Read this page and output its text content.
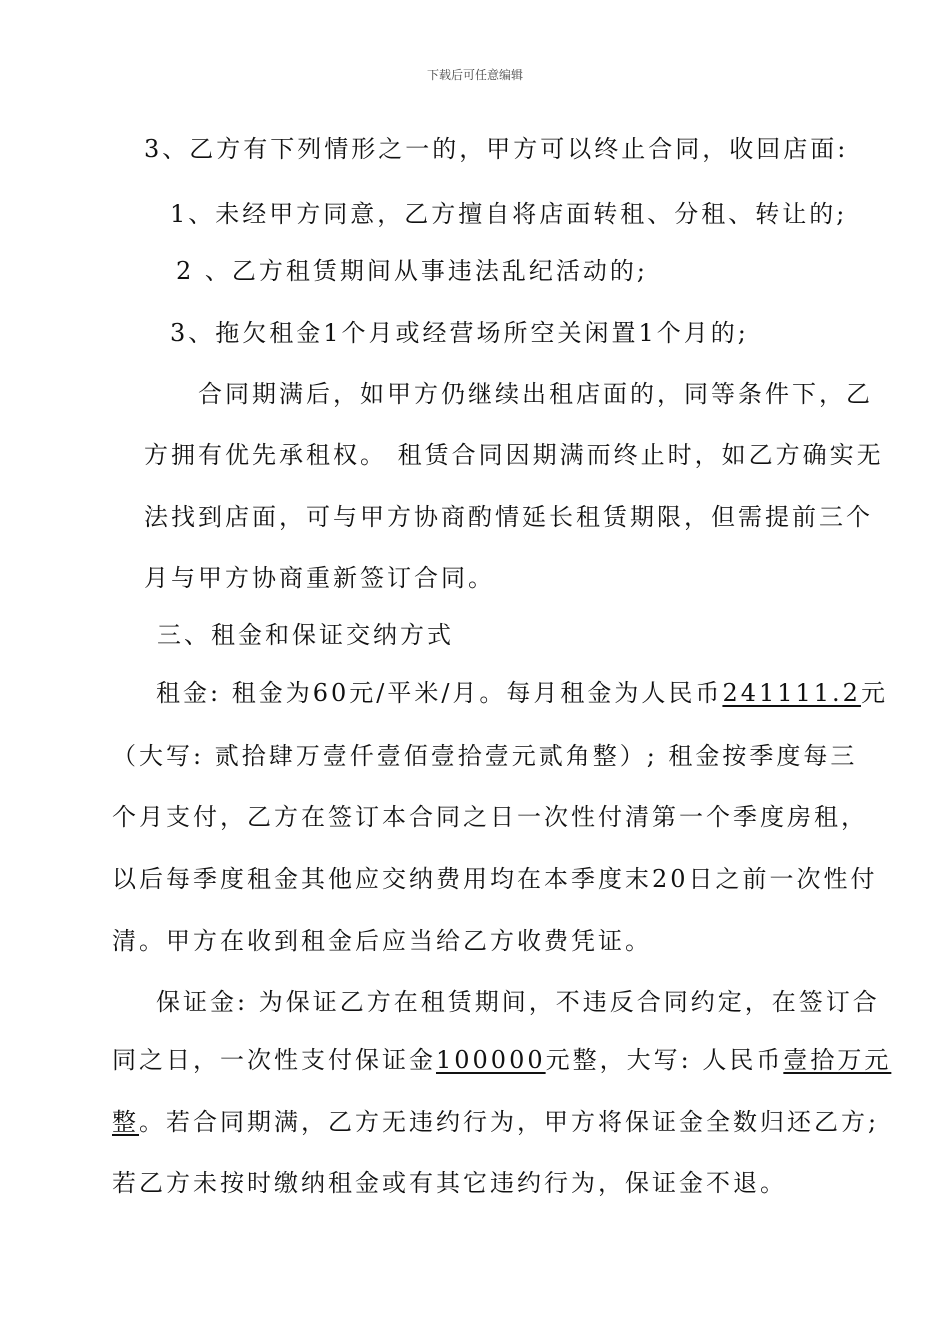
下载后可任意编辑
3、乙方有下列情形之一的，甲方可以终止合同，收回店面:
1、未经甲方同意，乙方擅自将店面转租、分租、转让的;
2 、乙方租赁期间从事违法乱纪活动的;
3、拖欠租金1个月或经营场所空关闲置1个月的;
合同期满后，如甲方仍继续出租店面的，同等条件下，乙
方拥有优先承租权。 租赁合同因期满而终止时，如乙方确实无
法找到店面，可与甲方协商酌情延长租赁期限，但需提前三个
月与甲方协商重新签订合同。
三、租金和保证交纳方式
租金: 租金为60元/平米/月。每月租金为人民币241111.2元
（大写: 贰拾肆万壹仟壹佰壹拾壹元贰角整）; 租金按季度每三
个月支付，乙方在签订本合同之日一次性付清第一个季度房租，
以后每季度租金其他应交纳费用均在本季度末20日之前一次性付
清。甲方在收到租金后应当给乙方收费凭证。
保证金: 为保证乙方在租赁期间，不违反合同约定，在签订合
同之日，一次性支付保证金100000元整，大写: 人民币壹拾万元
整。若合同期满，乙方无违约行为，甲方将保证金全数归还乙方;
若乙方未按时缴纳租金或有其它违约行为，保证金不退。
